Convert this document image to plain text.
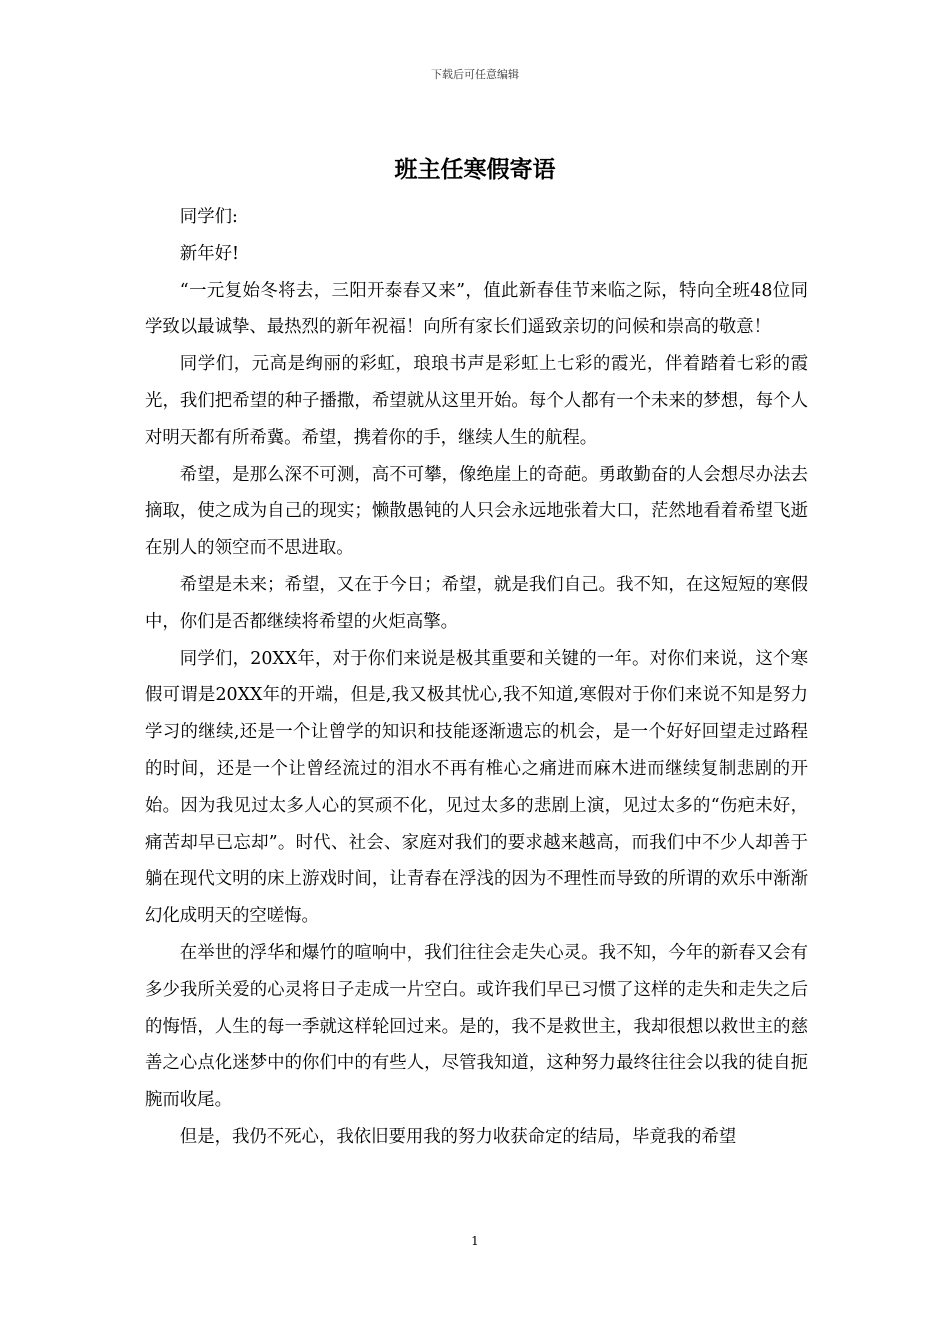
下载后可任意编辑
班主任寒假寄语

同学们:

新年好!

“一元复始冬将去，三阳开泰春又来”，值此新春佳节来临之际，特向全班48位同学致以最诚挚、最热烈的新年祝福！向所有家长们遥致亲切的问候和崇高的敬意！

同学们，元高是绚丽的彩虹，琅琅书声是彩虹上七彩的霞光，伴着踏着七彩的霞光，我们把希望的种子播撒，希望就从这里开始。每个人都有一个未来的梦想，每个人对明天都有所希冀。希望，携着你的手，继续人生的航程。

希望，是那么深不可测，高不可攀，像绝崖上的奇葩。勇敢勤奋的人会想尽办法去摘取，使之成为自己的现实；懒散愚钝的人只会永远地张着大口，茫然地看着希望飞逝在别人的领空而不思进取。

希望是未来；希望，又在于今日；希望，就是我们自己。我不知，在这短短的寒假中，你们是否都继续将希望的火炬高擎。

同学们，20XX年，对于你们来说是极其重要和关键的一年。对你们来说，这个寒假可谓是20XX年的开端，但是,我又极其忧心,我不知道,寒假对于你们来说不知是努力学习的继续,还是一个让曾学的知识和技能逐渐遗忘的机会，是一个好好回望走过路程的时间，还是一个让曾经流过的泪水不再有椎心之痛进而麻木进而继续复制悲剧的开始。因为我见过太多人心的冥顽不化，见过太多的悲剧上演，见过太多的“伤疤未好，痛苦却早已忘却”。时代、社会、家庭对我们的要求越来越高，而我们中不少人却善于躺在现代文明的床上游戏时间，让青春在浮浅的因为不理性而导致的所谓的欢乐中渐渐幻化成明天的空嗟悔。

在举世的浮华和爆竹的喧响中，我们往往会走失心灵。我不知，今年的新春又会有多少我所关爱的心灵将日子走成一片空白。或许我们早已习惯了这样的走失和走失之后的悔悟，人生的每一季就这样轮回过来。是的，我不是救世主，我却很想以救世主的慈善之心点化迷梦中的你们中的有些人，尽管我知道，这种努力最终往往会以我的徒自扼腕而收尾。

但是，我仍不死心，我依旧要用我的努力收获命定的结局，毕竟我的希望

1
